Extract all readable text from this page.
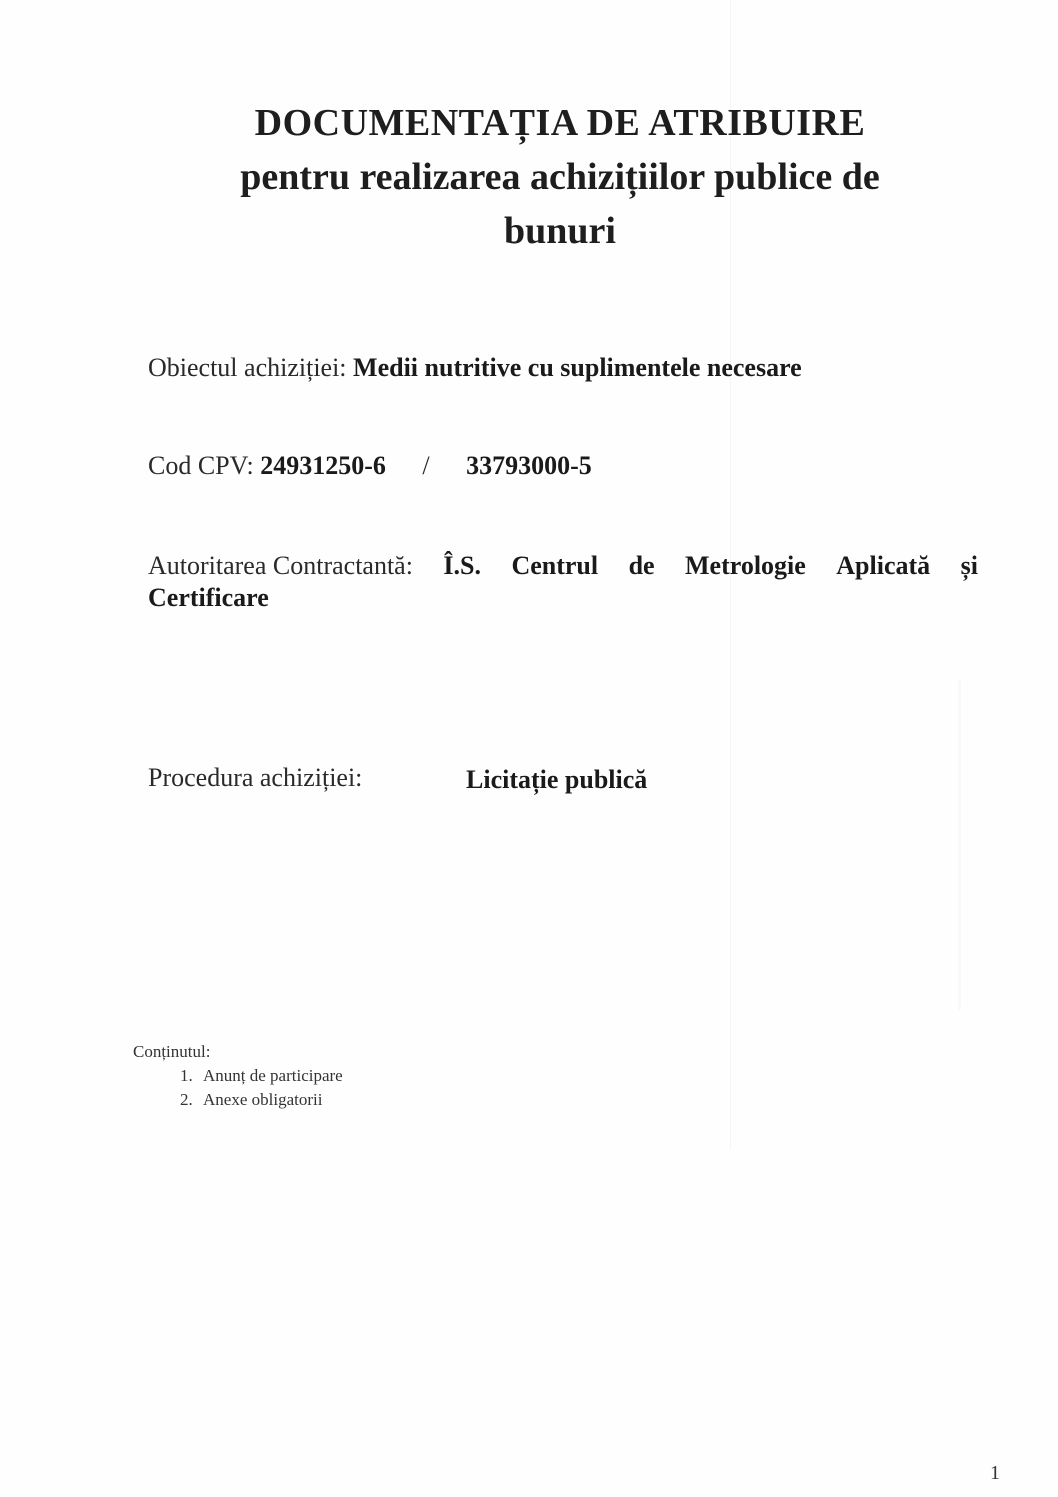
DOCUMENTAȚIA DE ATRIBUIRE
pentru realizarea achizițiilor publice de
bunuri
Obiectul achiziției: Medii nutritive cu suplimentele necesare
Cod CPV: 24931250-6 / 33793000-5
Autoritarea Contractantă: Î.S. Centrul de Metrologie Aplicată și
Certificare
Procedura achiziției:	Licitație publică
Conținutul:
1. Anunț de participare
2. Anexe obligatorii
1
